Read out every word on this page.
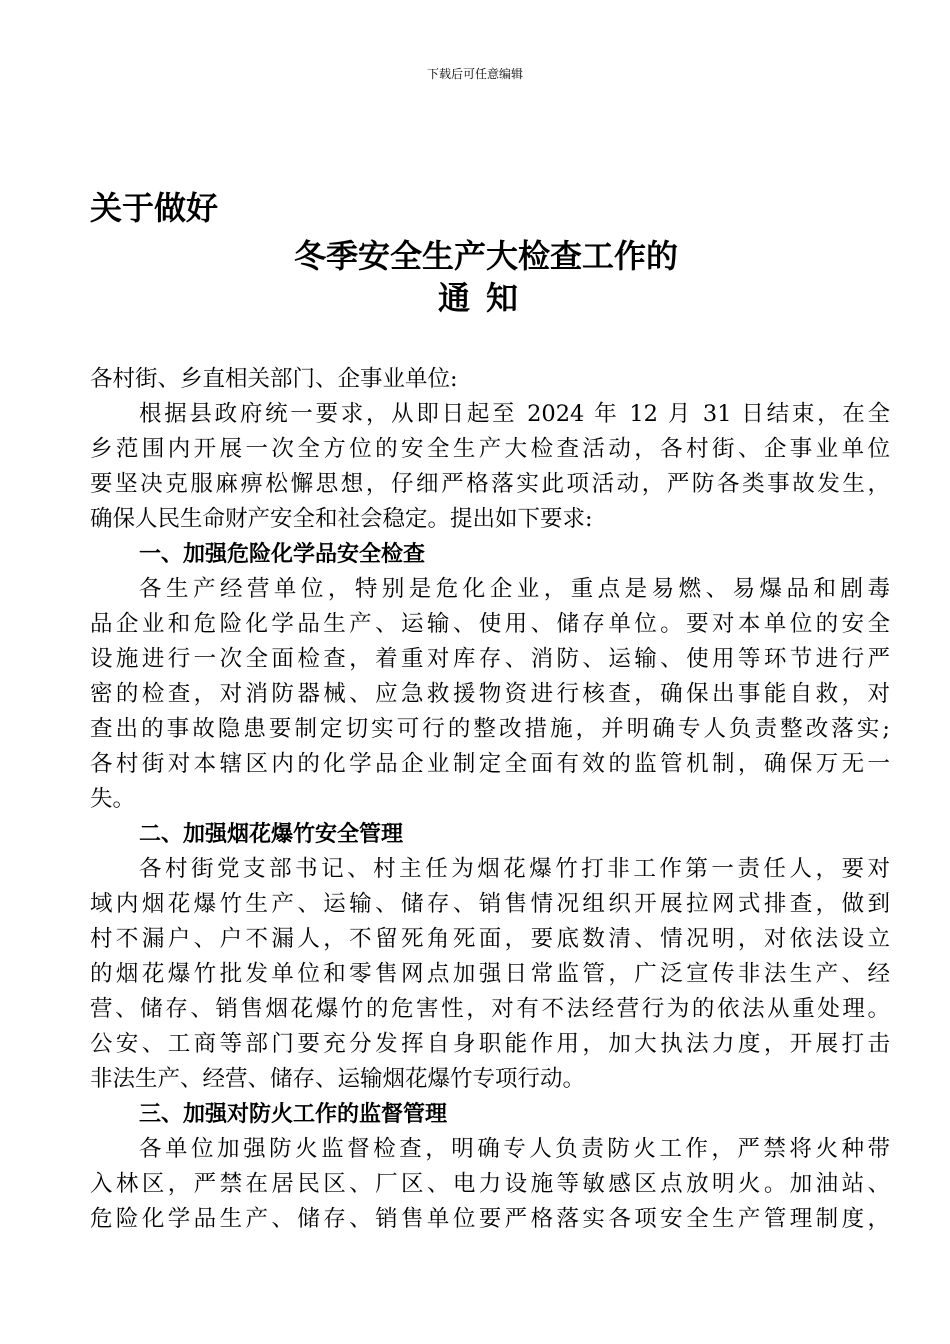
下载后可任意编辑
关于做好
冬季安全生产大检查工作的
通知
各村街、乡直相关部门、企事业单位:
根据县政府统一要求，从即日起至 2024 年 12 月 31 日结束，在全
乡范围内开展一次全方位的安全生产大检查活动，各村街、企事业单位
要坚决克服麻痹松懈思想，仔细严格落实此项活动，严防各类事故发生，
确保人民生命财产安全和社会稳定。提出如下要求:
一、加强危险化学品安全检查
各生产经营单位，特别是危化企业，重点是易燃、易爆品和剧毒
品企业和危险化学品生产、运输、使用、储存单位。要对本单位的安全
设施进行一次全面检查，着重对库存、消防、运输、使用等环节进行严
密的检查，对消防器械、应急救援物资进行核查，确保出事能自救，对
查出的事故隐患要制定切实可行的整改措施，并明确专人负责整改落实;
各村街对本辖区内的化学品企业制定全面有效的监管机制，确保万无一
失。
二、加强烟花爆竹安全管理
各村街党支部书记、村主任为烟花爆竹打非工作第一责任人，要对
域内烟花爆竹生产、运输、储存、销售情况组织开展拉网式排查，做到
村不漏户、户不漏人，不留死角死面，要底数清、情况明，对依法设立
的烟花爆竹批发单位和零售网点加强日常监管，广泛宣传非法生产、经
营、储存、销售烟花爆竹的危害性，对有不法经营行为的依法从重处理。
公安、工商等部门要充分发挥自身职能作用，加大执法力度，开展打击
非法生产、经营、储存、运输烟花爆竹专项行动。
三、加强对防火工作的监督管理
各单位加强防火监督检查，明确专人负责防火工作，严禁将火种带
入林区，严禁在居民区、厂区、电力设施等敏感区点放明火。加油站、
危险化学品生产、储存、销售单位要严格落实各项安全生产管理制度，
